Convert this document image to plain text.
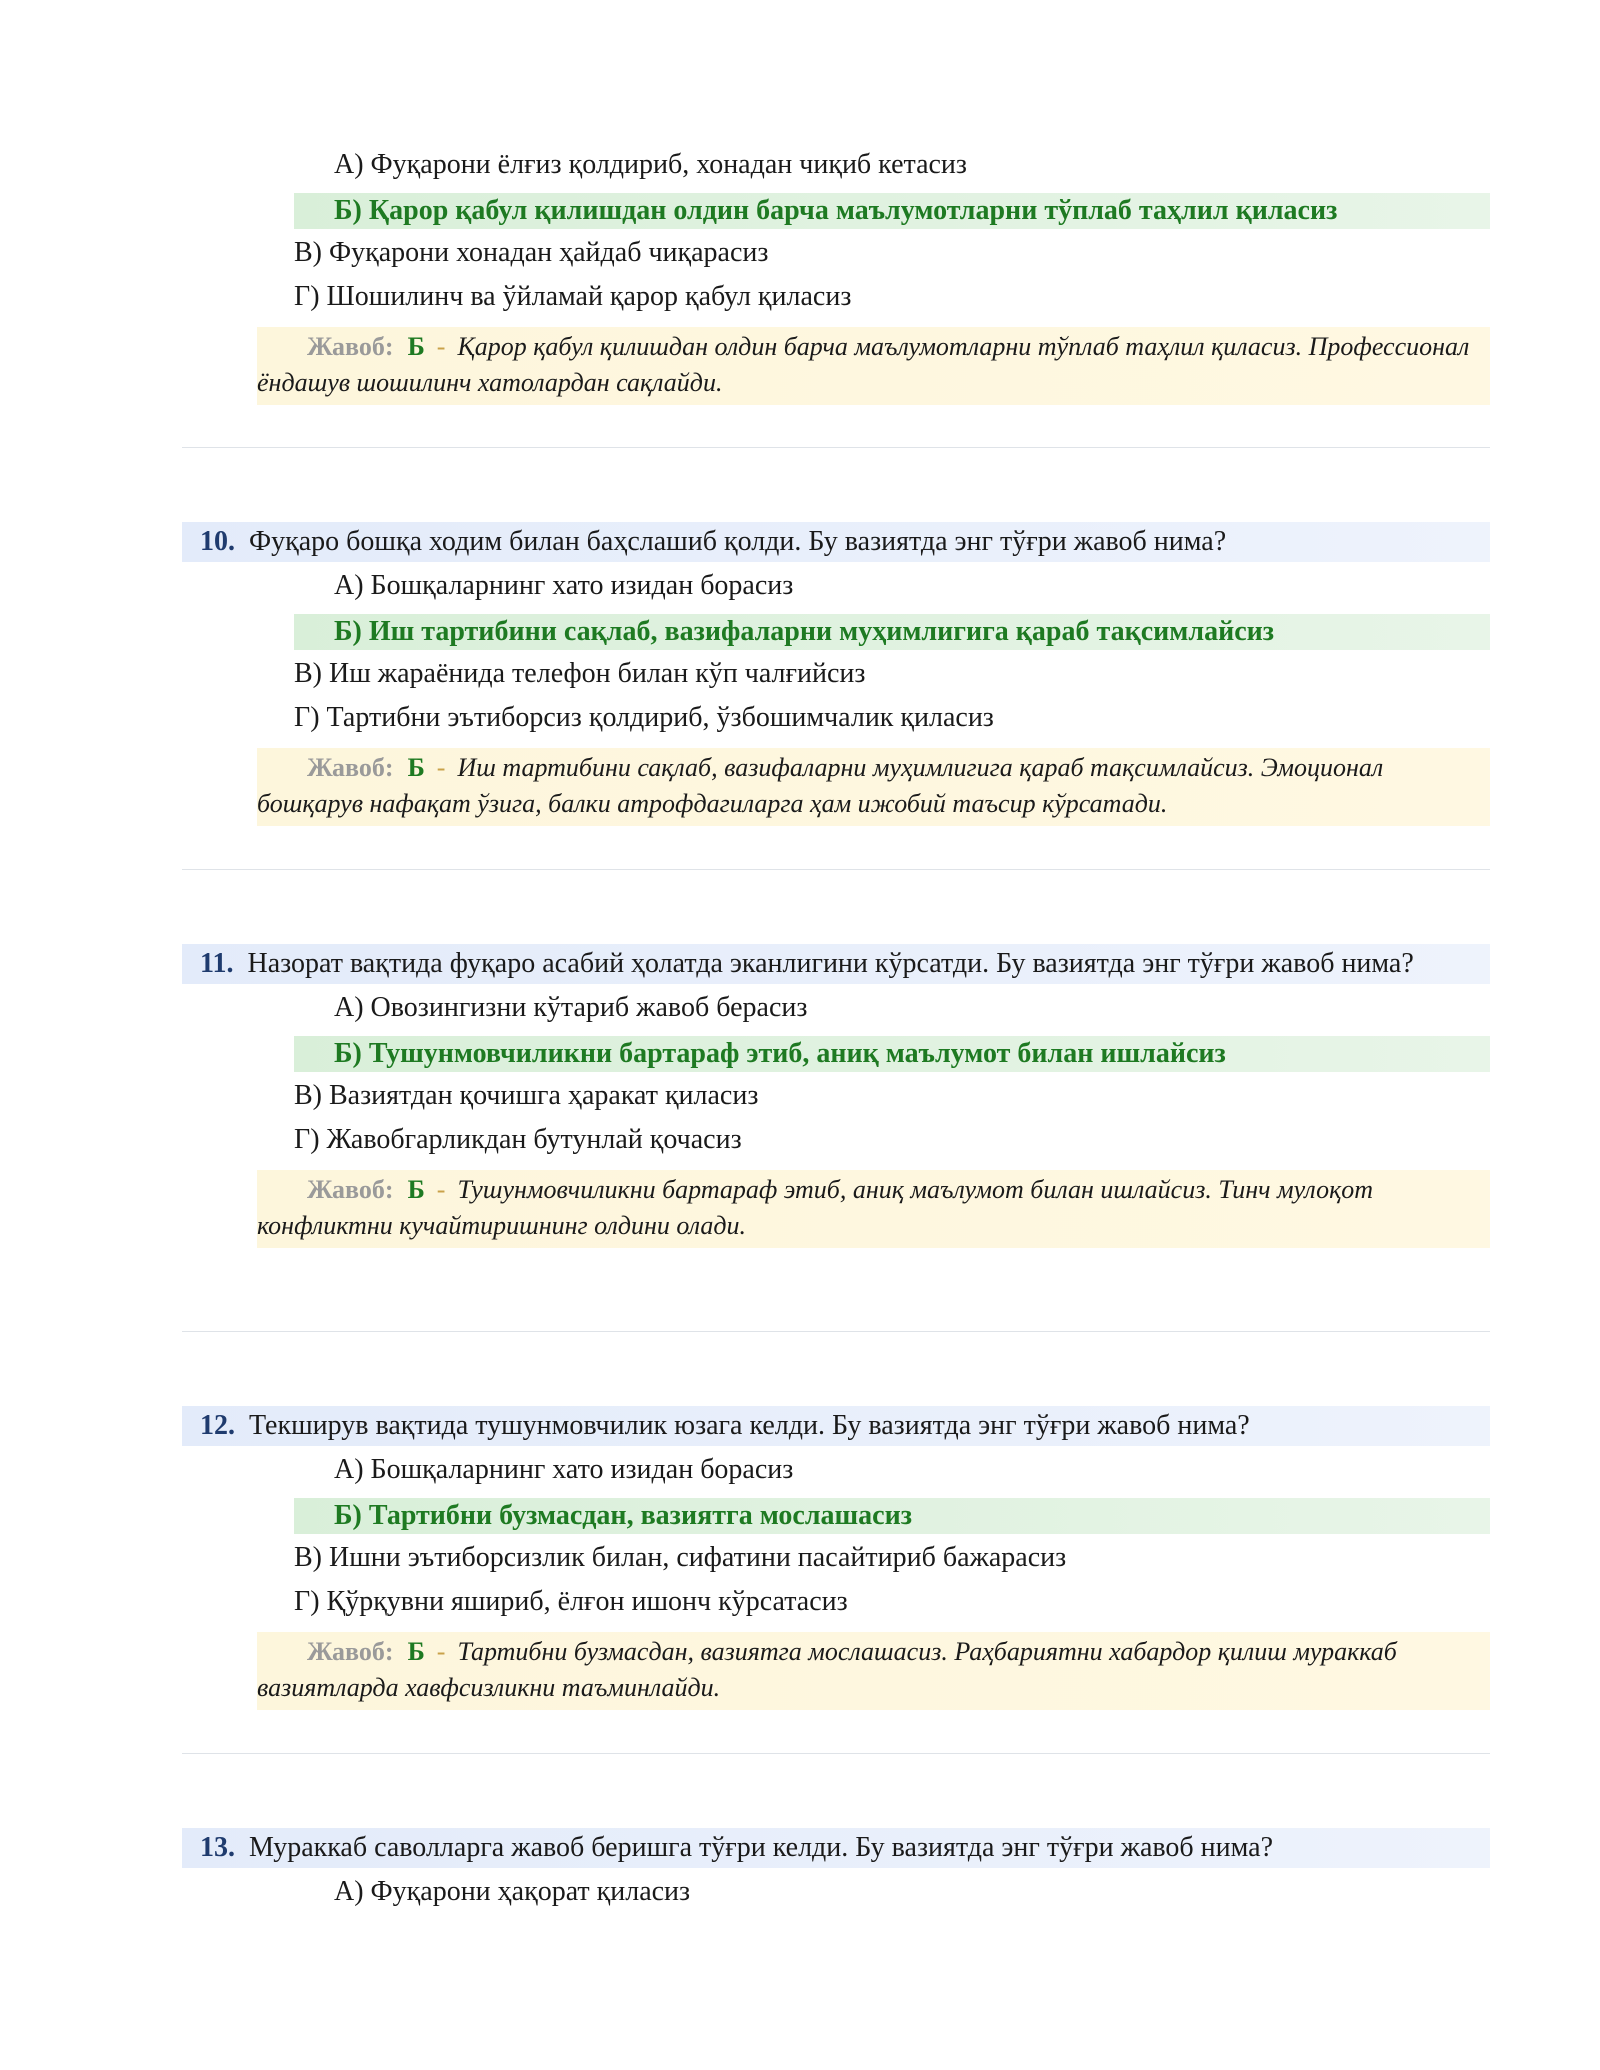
А) Фуқарони ёлғиз қолдириб, хонадан чиқиб кетасиз
Б) Қарор қабул қилишдан олдин барча маълумотларни тўплаб таҳлил қиласиз
В) Фуқарони хонадан ҳайдаб чиқарасиз
Г) Шошилинч ва ўйламай қарор қабул қиласиз
Жавоб: Б - Қарор қабул қилишдан олдин барча маълумотларни тўплаб таҳлил қиласиз. Профессионал ёндашув шошилинч хатолардан сақлайди.
10. Фуқаро бошқа ходим билан баҳслашиб қолди. Бу вазиятда энг тўғри жавоб нима?
А) Бошқаларнинг хато изидан борасиз
Б) Иш тартибини сақлаб, вазифаларни муҳимлигига қараб тақсимлайсиз
В) Иш жараёнида телефон билан кўп чалғийсиз
Г) Тартибни эътиборсиз қолдириб, ўзбошимчалик қиласиз
Жавоб: Б - Иш тартибини сақлаб, вазифаларни муҳимлигига қараб тақсимлайсиз. Эмоционал бошқарув нафақат ўзига, балки атрофдагиларга ҳам ижобий таъсир кўрсатади.
11. Назорат вақтида фуқаро асабий ҳолатда эканлигини кўрсатди. Бу вазиятда энг тўғри жавоб нима?
А) Овозингизни кўтариб жавоб берасиз
Б) Тушунмовчиликни бартараф этиб, аниқ маълумот билан ишлайсиз
В) Вазиятдан қочишга ҳаракат қиласиз
Г) Жавобгарликдан бутунлай қочасиз
Жавоб: Б - Тушунмовчиликни бартараф этиб, аниқ маълумот билан ишлайсиз. Тинч мулоқот конфликтни кучайтиришнинг олдини олади.
12. Текширув вақтида тушунмовчилик юзага келди. Бу вазиятда энг тўғри жавоб нима?
А) Бошқаларнинг хато изидан борасиз
Б) Тартибни бузмасдан, вазиятга мослашасиз
В) Ишни эътиборсизлик билан, сифатини пасайтириб бажарасиз
Г) Қўрқувни яшириб, ёлғон ишонч кўрсатасиз
Жавоб: Б - Тартибни бузмасдан, вазиятга мослашасиз. Раҳбариятни хабардор қилиш мураккаб вазиятларда хавфсизликни таъминлайди.
13. Мураккаб саволларга жавоб беришга тўғри келди. Бу вазиятда энг тўғри жавоб нима?
А) Фуқарони ҳақорат қиласиз
